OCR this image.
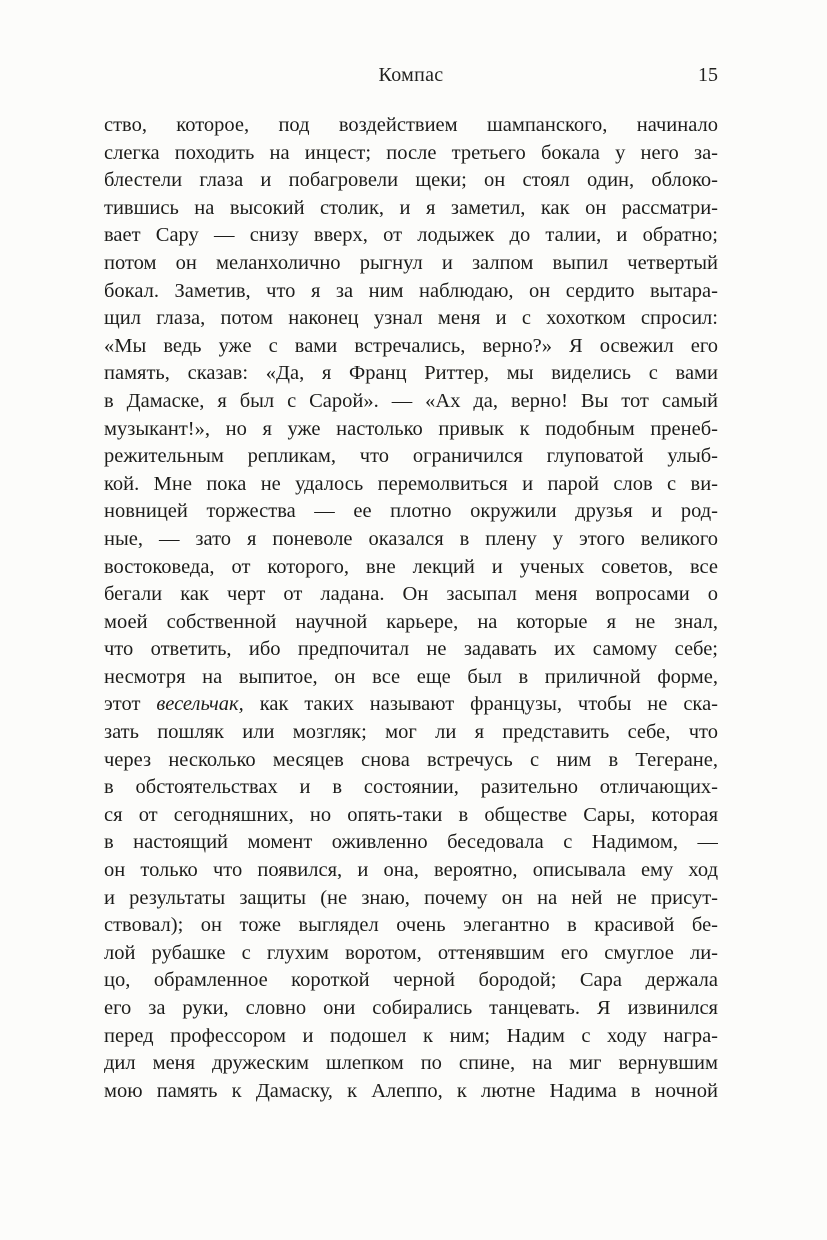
Компас	15
ство, которое, под воздействием шампанского, начинало
слегка походить на инцест; после третьего бокала у него за-
блестели глаза и побагровели щеки; он стоял один, облоко-
тившись на высокий столик, и я заметил, как он рассматри-
вает Сару — снизу вверх, от лодыжек до талии, и обратно;
потом он меланхолично рыгнул и залпом выпил четвертый
бокал. Заметив, что я за ним наблюдаю, он сердито вытара-
щил глаза, потом наконец узнал меня и с хохотком спросил:
«Мы ведь уже с вами встречались, верно?» Я освежил его
память, сказав: «Да, я Франц Риттер, мы виделись с вами
в Дамаске, я был с Сарой». — «Ах да, верно! Вы тот самый
музыкант!», но я уже настолько привык к подобным пренеб-
режительным репликам, что ограничился глуповатой улыб-
кой. Мне пока не удалось перемолвиться и парой слов с ви-
новницей торжества — ее плотно окружили друзья и род-
ные, — зато я поневоле оказался в плену у этого великого
востоковеда, от которого, вне лекций и ученых советов, все
бегали как черт от ладана. Он засыпал меня вопросами о
моей собственной научной карьере, на которые я не знал,
что ответить, ибо предпочитал не задавать их самому себе;
несмотря на выпитое, он все еще был в приличной форме,
этот весельчак, как таких называют французы, чтобы не ска-
зать пошляк или мозгляк; мог ли я представить себе, что
через несколько месяцев снова встречусь с ним в Тегеране,
в обстоятельствах и в состоянии, разительно отличающих-
ся от сегодняшних, но опять-таки в обществе Сары, которая
в настоящий момент оживленно беседовала с Надимом, —
он только что появился, и она, вероятно, описывала ему ход
и результаты защиты (не знаю, почему он на ней не присут-
ствовал); он тоже выглядел очень элегантно в красивой бе-
лой рубашке с глухим воротом, оттенявшим его смуглое ли-
цо, обрамленное короткой черной бородой; Сара держала
его за руки, словно они собирались танцевать. Я извинился
перед профессором и подошел к ним; Надим с ходу награ-
дил меня дружеским шлепком по спине, на миг вернувшим
мою память к Дамаску, к Алеппо, к лютне Надима в ночной
